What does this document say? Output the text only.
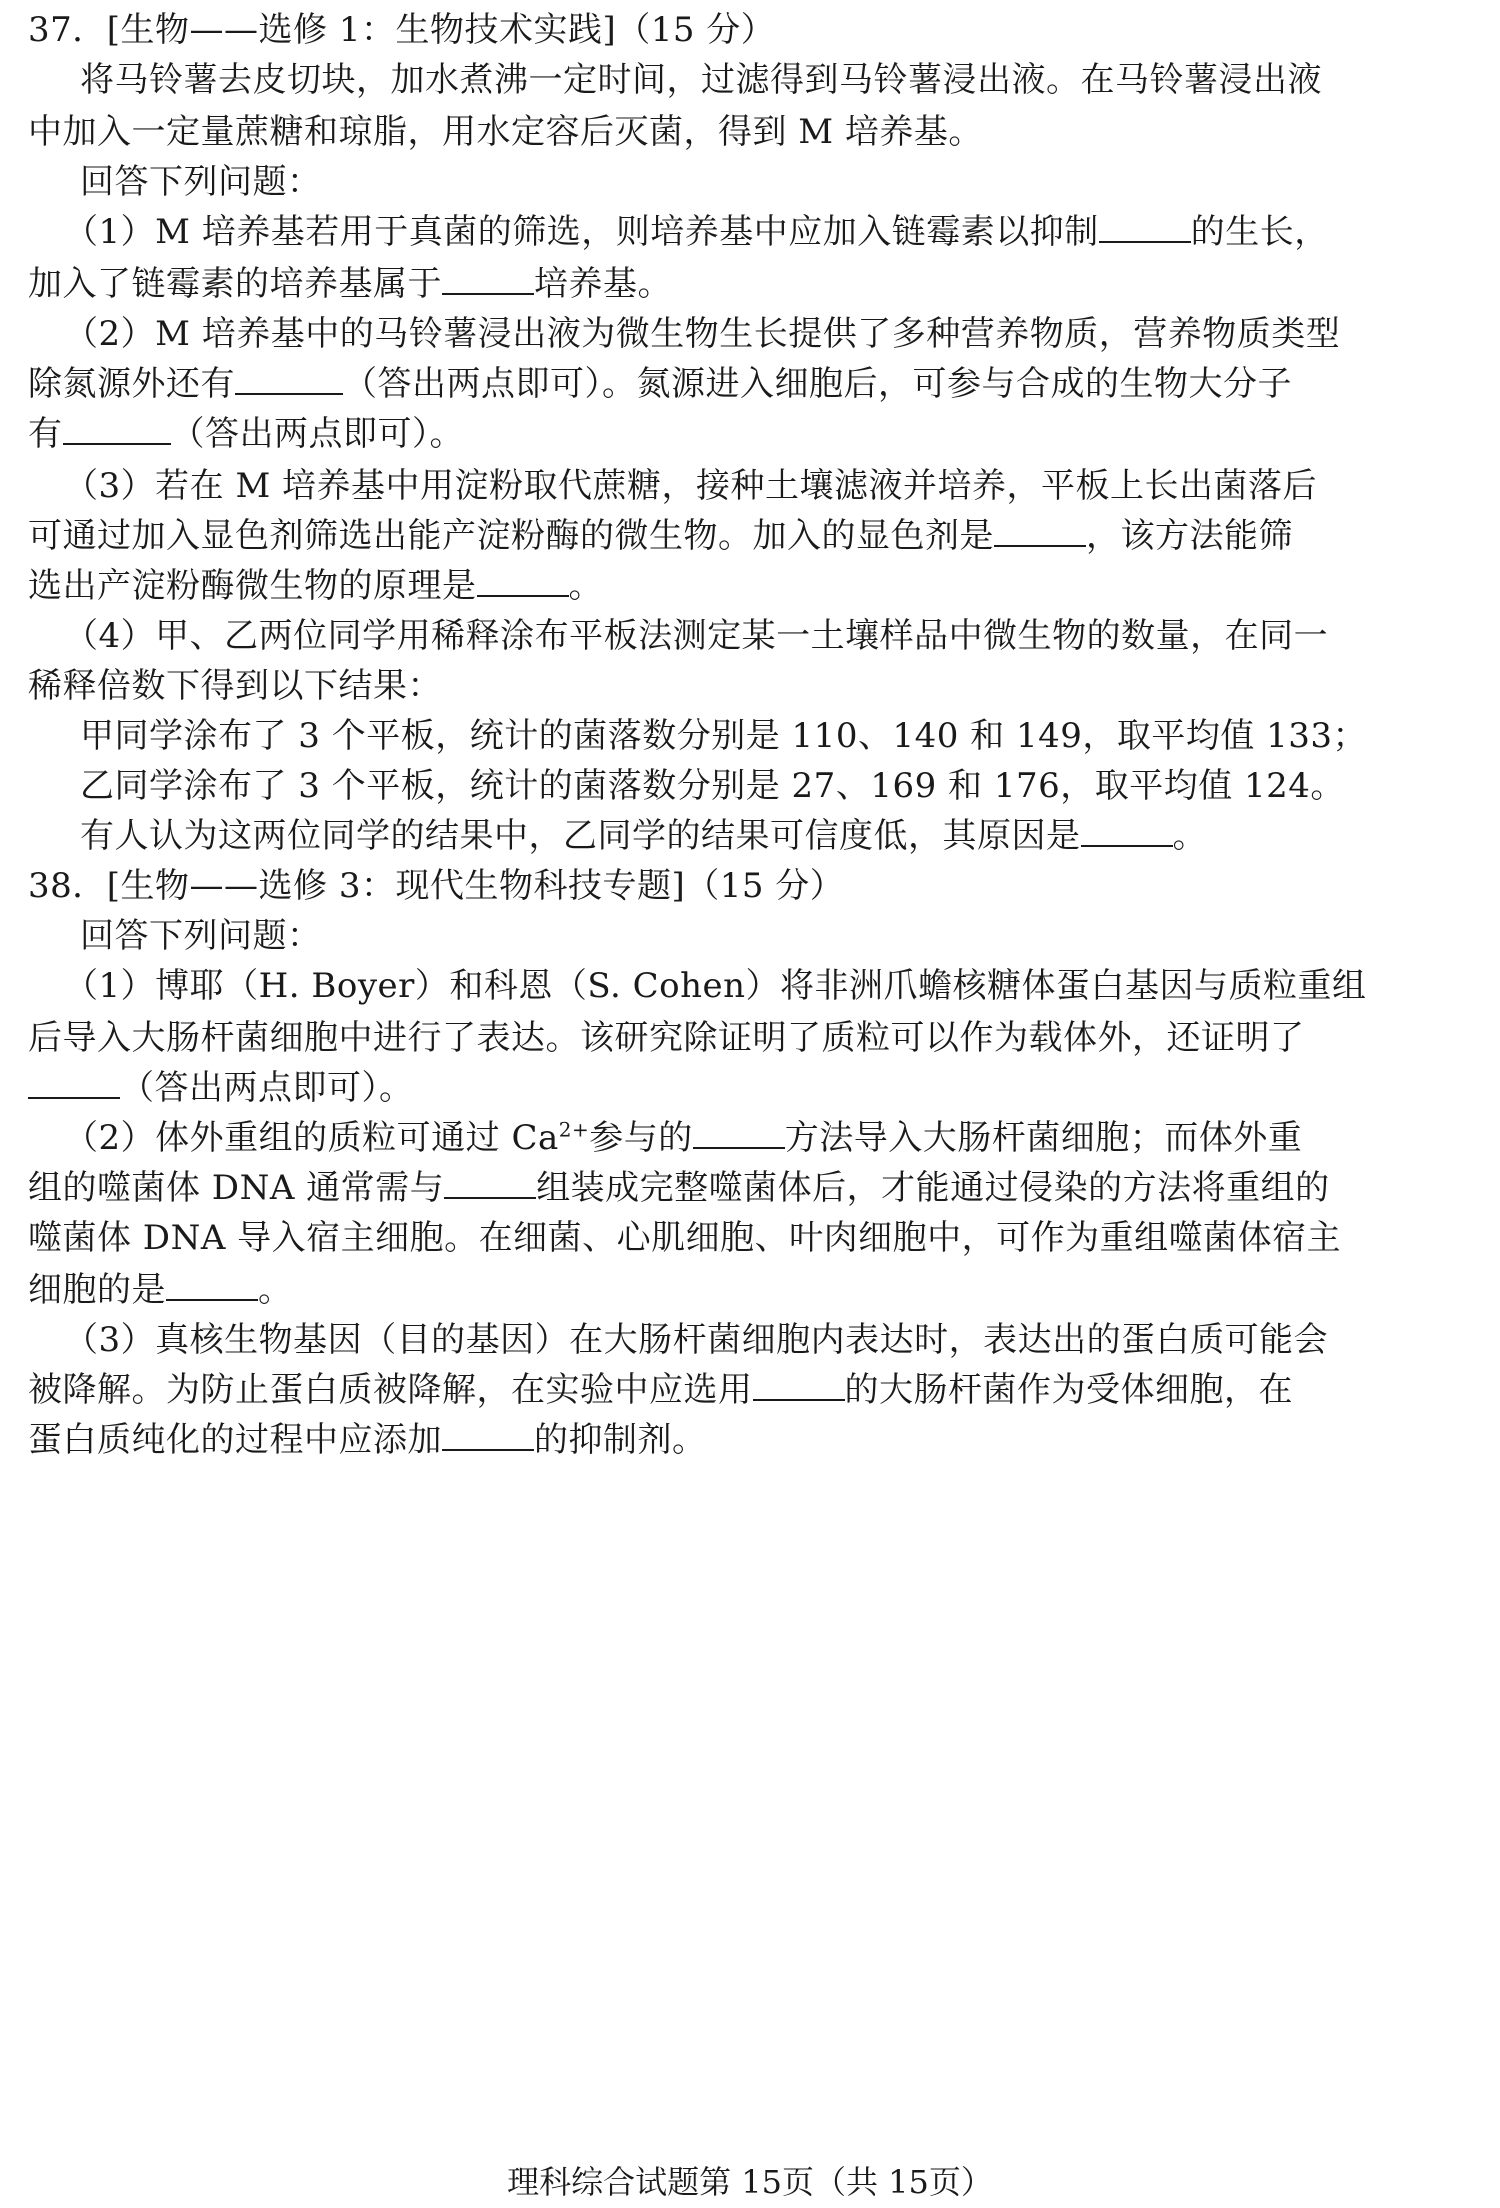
37．[生物——选修 1：生物技术实践]（15 分）
将马铃薯去皮切块，加水煮沸一定时间，过滤得到马铃薯浸出液。在马铃薯浸出液
中加入一定量蔗糖和琼脂，用水定容后灭菌，得到 M 培养基。
回答下列问题：
（1）M 培养基若用于真菌的筛选，则培养基中应加入链霉素以抑制	的生长，
加入了链霉素的培养基属于	培养基。
（2）M 培养基中的马铃薯浸出液为微生物生长提供了多种营养物质，营养物质类型
除氮源外还有	（答出两点即可）。氮源进入细胞后，可参与合成的生物大分子
有	（答出两点即可）。
（3）若在 M 培养基中用淀粉取代蔗糖，接种土壤滤液并培养，平板上长出菌落后
可通过加入显色剂筛选出能产淀粉酶的微生物。加入的显色剂是	，该方法能筛
选出产淀粉酶微生物的原理是	。
（4）甲、乙两位同学用稀释涂布平板法测定某一土壤样品中微生物的数量，在同一
稀释倍数下得到以下结果：
甲同学涂布了 3 个平板，统计的菌落数分别是 110、140 和 149，取平均值 133；
乙同学涂布了 3 个平板，统计的菌落数分别是 27、169 和 176，取平均值 124。
有人认为这两位同学的结果中，乙同学的结果可信度低，其原因是	。
38．[生物——选修 3：现代生物科技专题]（15 分）
回答下列问题：
（1）博耶（H. Boyer）和科恩（S. Cohen）将非洲爪蟾核糖体蛋白基因与质粒重组
后导入大肠杆菌细胞中进行了表达。该研究除证明了质粒可以作为载体外，还证明了
（答出两点即可）。
（2）体外重组的质粒可通过 $Ca^{2+}$参与的	方法导入大肠杆菌细胞；而体外重
组的噬菌体 DNA 通常需与	组装成完整噬菌体后，才能通过侵染的方法将重组的
噬菌体 DNA 导入宿主细胞。在细菌、心肌细胞、叶肉细胞中，可作为重组噬菌体宿主
细胞的是	。
（3）真核生物基因（目的基因）在大肠杆菌细胞内表达时，表达出的蛋白质可能会
被降解。为防止蛋白质被降解，在实验中应选用	的大肠杆菌作为受体细胞，在
蛋白质纯化的过程中应添加	的抑制剂。
理科综合试题第 15页（共 15页）
